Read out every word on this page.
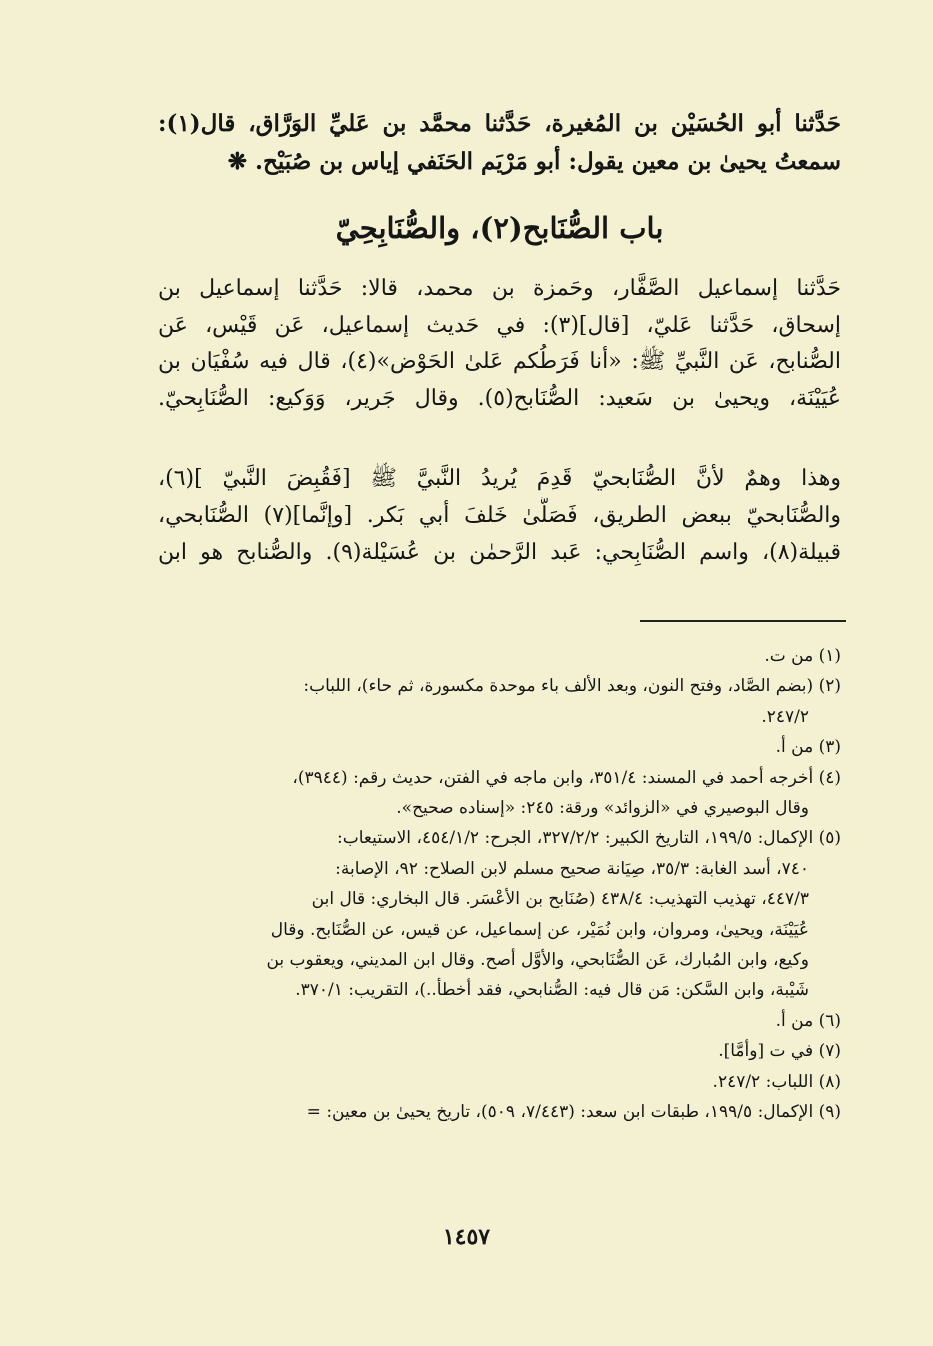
حَدَّثنا أبو الحُسَيْن بن المُغيرة، حَدَّثنا محمَّد بن عَليِّ الوَرَّاق، قال(١):
سمعتُ يحيىٰ بن معين يقول: أبو مَرْيَم الحَنَفي إياس بن صُبَيْح. ❋
باب الصُّنَابح(٢)، والصُّنَابِحِيّ
حَدَّثنا إسماعيل الصَّفَّار، وحَمزة بن محمد، قالا: حَدَّثنا إسماعيل بن
إسحاق، حَدَّثنا عَليّ، [قال](٣): في حَديث إسماعيل، عَن قَيْس، عَن
الصُّنابح، عَن النَّبيِّ ﷺ: «أنا فَرَطُكم عَلىٰ الحَوْض»(٤)، قال فيه سُفْيَان بن
عُيَيْنَة، ويحيىٰ بن سَعيد: الصُّنَابح(٥). وقال جَرير، وَوَكيع: الصُّنَابِحيّ.
وهذا وهمٌ لأنَّ الصُّنَابحيّ قَدِمَ يُريدُ النَّبيَّ ﷺ [فَقُبِضَ النَّبيّ ](٦)،
والصُّنَابحيّ ببعض الطريق، فَصَلَّىٰ خَلفَ أبي بَكر. [وإنَّما](٧) الصُّنَابحي،
قبيلة(٨)، واسم الصُّنَابِحي: عَبد الرَّحمٰن بن عُسَيْلة(٩). والصُّنابح هو ابن
(١) من ت.
(٢) (بضم الصَّاد، وفتح النون، وبعد الألف باء موحدة مكسورة، ثم حاء)، اللباب:
٢٤٧/٢.
(٣) من أ.
(٤) أخرجه أحمد في المسند: ٣٥١/٤، وابن ماجه في الفتن، حديث رقم: (٣٩٤٤)،
وقال البوصيري في «الزوائد» ورقة: ٢٤٥: «إسناده صحيح».
(٥) الإكمال: ١٩٩/٥، التاريخ الكبير: ٣٢٧/٢/٢، الجرح: ٤٥٤/١/٢، الاستيعاب:
٧٤٠، أسد الغابة: ٣٥/٣، صِيَانة صحيح مسلم لابن الصلاح: ٩٢، الإصابة:
٤٤٧/٣، تهذيب التهذيب: ٤٣٨/٤ (صُنَابح بن الأعْسَر. قال البخاري: قال ابن
عُيَيْنَة، ويحيىٰ، ومروان، وابن نُمَيْر، عن إسماعيل، عن قيس، عن الصُّنَابح. وقال
وكيع، وابن المُبارك، عَن الصُّنَابحي، والأوَّل أصح. وقال ابن المديني، ويعقوب بن
شَيْبة، وابن السَّكن: مَن قال فيه: الصُّنابحي، فقد أخطأ..)، التقريب: ٣٧٠/١.
(٦) من أ.
(٧) في ت [وأمَّا].
(٨) اللباب: ٢٤٧/٢.
(٩) الإكمال: ١٩٩/٥، طبقات ابن سعد: (٧/٤٤٣، ٥٠٩)، تاريخ يحيىٰ بن معين: =
١٤٥٧
